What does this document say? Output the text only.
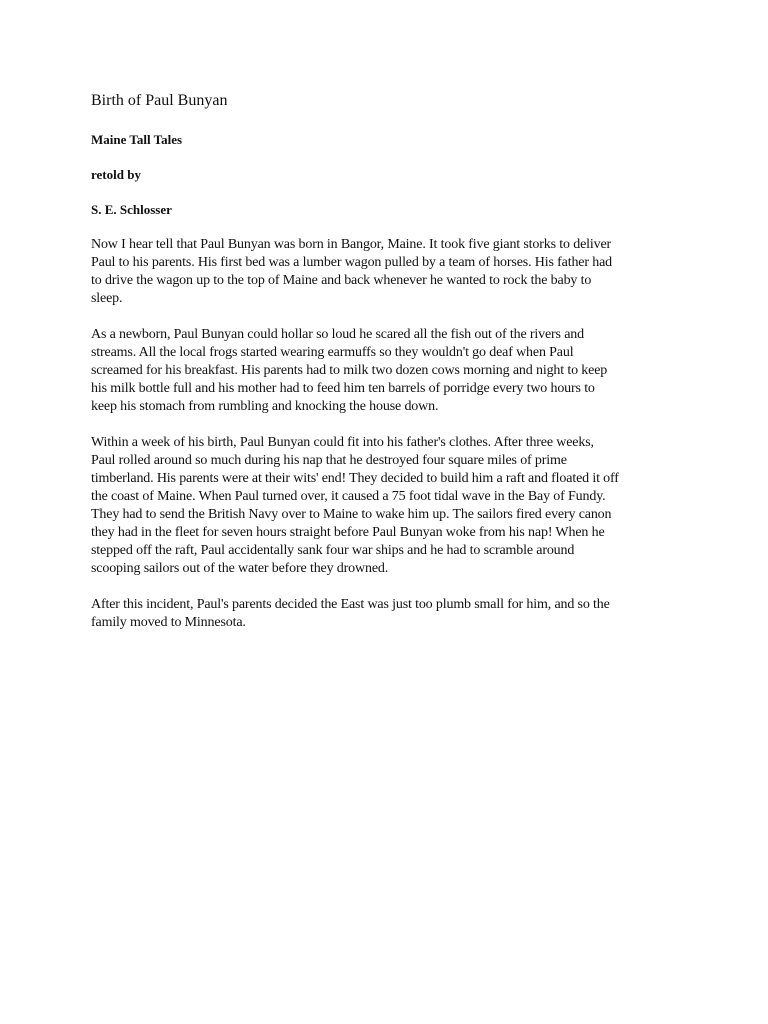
Birth of Paul Bunyan
Maine Tall Tales
retold by
S. E. Schlosser
Now I hear tell that Paul Bunyan was born in Bangor, Maine. It took five giant storks to deliver
Paul to his parents. His first bed was a lumber wagon pulled by a team of horses. His father had
to drive the wagon up to the top of Maine and back whenever he wanted to rock the baby to
sleep.
As a newborn, Paul Bunyan could hollar so loud he scared all the fish out of the rivers and
streams. All the local frogs started wearing earmuffs so they wouldn't go deaf when Paul
screamed for his breakfast. His parents had to milk two dozen cows morning and night to keep
his milk bottle full and his mother had to feed him ten barrels of porridge every two hours to
keep his stomach from rumbling and knocking the house down.
Within a week of his birth, Paul Bunyan could fit into his father's clothes. After three weeks,
Paul rolled around so much during his nap that he destroyed four square miles of prime
timberland. His parents were at their wits' end! They decided to build him a raft and floated it off
the coast of Maine. When Paul turned over, it caused a 75 foot tidal wave in the Bay of Fundy.
They had to send the British Navy over to Maine to wake him up. The sailors fired every canon
they had in the fleet for seven hours straight before Paul Bunyan woke from his nap! When he
stepped off the raft, Paul accidentally sank four war ships and he had to scramble around
scooping sailors out of the water before they drowned.
After this incident, Paul's parents decided the East was just too plumb small for him, and so the
family moved to Minnesota.
